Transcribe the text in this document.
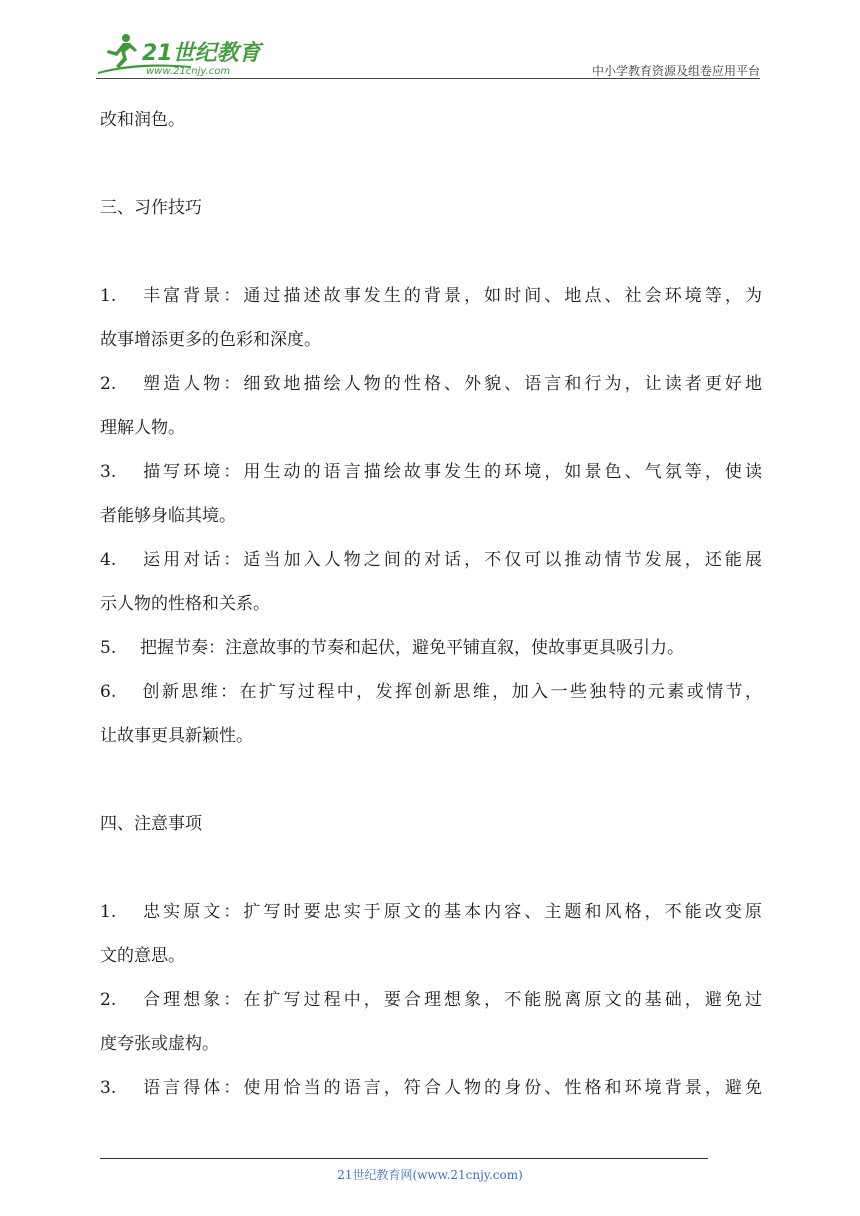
21世纪教育
www.21cnjy.com	中小学教育资源及组卷应用平台
改和润色。
三、习作技巧
1. 丰富背景：通过描述故事发生的背景，如时间、地点、社会环境等，为
故事增添更多的色彩和深度。
2. 塑造人物：细致地描绘人物的性格、外貌、语言和行为，让读者更好地
理解人物。
3. 描写环境：用生动的语言描绘故事发生的环境，如景色、气氛等，使读
者能够身临其境。
4. 运用对话：适当加入人物之间的对话，不仅可以推动情节发展，还能展
示人物的性格和关系。
5. 把握节奏：注意故事的节奏和起伏，避免平铺直叙，使故事更具吸引力。
6. 创新思维：在扩写过程中，发挥创新思维，加入一些独特的元素或情节，
让故事更具新颖性。
四、注意事项
1. 忠实原文：扩写时要忠实于原文的基本内容、主题和风格，不能改变原
文的意思。
2. 合理想象：在扩写过程中，要合理想象，不能脱离原文的基础，避免过
度夸张或虚构。
3. 语言得体：使用恰当的语言，符合人物的身份、性格和环境背景，避免
21世纪教育网(www.21cnjy.com)
